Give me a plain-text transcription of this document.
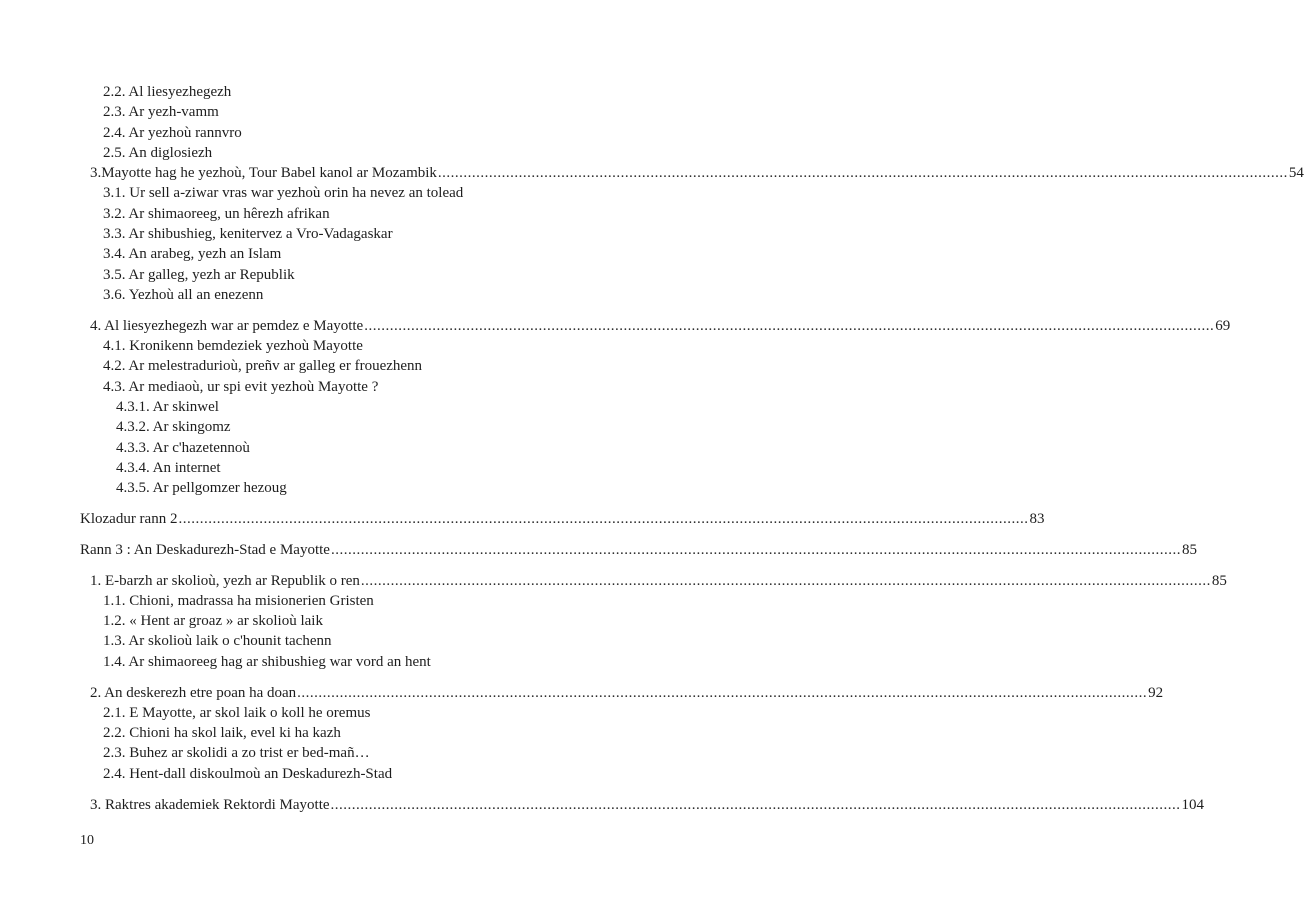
2.2. Al liesyezhegezh
2.3. Ar yezh-vamm
2.4. Ar yezhoù rannvro
2.5. An diglosiezh
3.Mayotte hag he yezhoù, Tour Babel kanol ar Mozambik ........................................................................................................................................................................................................ 54
3.1. Ur sell a-ziwar vras war yezhoù orin ha nevez an tolead
3.2. Ar shimaoreeg, un hêrezh afrikan
3.3. Ar shibushieg, kenitervez a Vro-Vadagaskar
3.4. An arabeg, yezh an Islam
3.5. Ar galleg, yezh ar Republik
3.6. Yezhoù all an enezenn
4. Al liesyezhegezh war ar pemdez e Mayotte ........................................................................................................................................................................................................ 69
4.1. Kronikenn bemdeziek yezhoù Mayotte
4.2. Ar melestradurioù, preñv ar galleg er frouezhenn
4.3. Ar mediaoù, ur spi evit yezhoù Mayotte ?
4.3.1. Ar skinwel
4.3.2. Ar skingomz
4.3.3. Ar c'hazetennoù
4.3.4. An internet
4.3.5. Ar pellgomzer hezoug
Klozadur rann 2 ........................................................................................................................................................................................................ 83
Rann 3 : An Deskadurezh-Stad e Mayotte ........................................................................................................................................................................................................ 85
1. E-barzh ar skolioù, yezh ar Republik o ren ........................................................................................................................................................................................................ 85
1.1. Chioni, madrassa ha misionerien Gristen
1.2. « Hent ar groaz » ar skolioù laik
1.3. Ar skolioù laik o c'hounit tachenn
1.4. Ar shimaoreeg hag ar shibushieg war vord an hent
2. An deskerezh etre poan ha doan ........................................................................................................................................................................................................ 92
2.1. E Mayotte, ar skol laik o koll he oremus
2.2. Chioni ha skol laik, evel ki ha kazh
2.3. Buhez ar skolidi a zo trist er bed-mañ…
2.4. Hent-dall diskoulmoù an Deskadurezh-Stad
3. Raktres akademiek Rektordi Mayotte ........................................................................................................................................................................................................ 104
10
